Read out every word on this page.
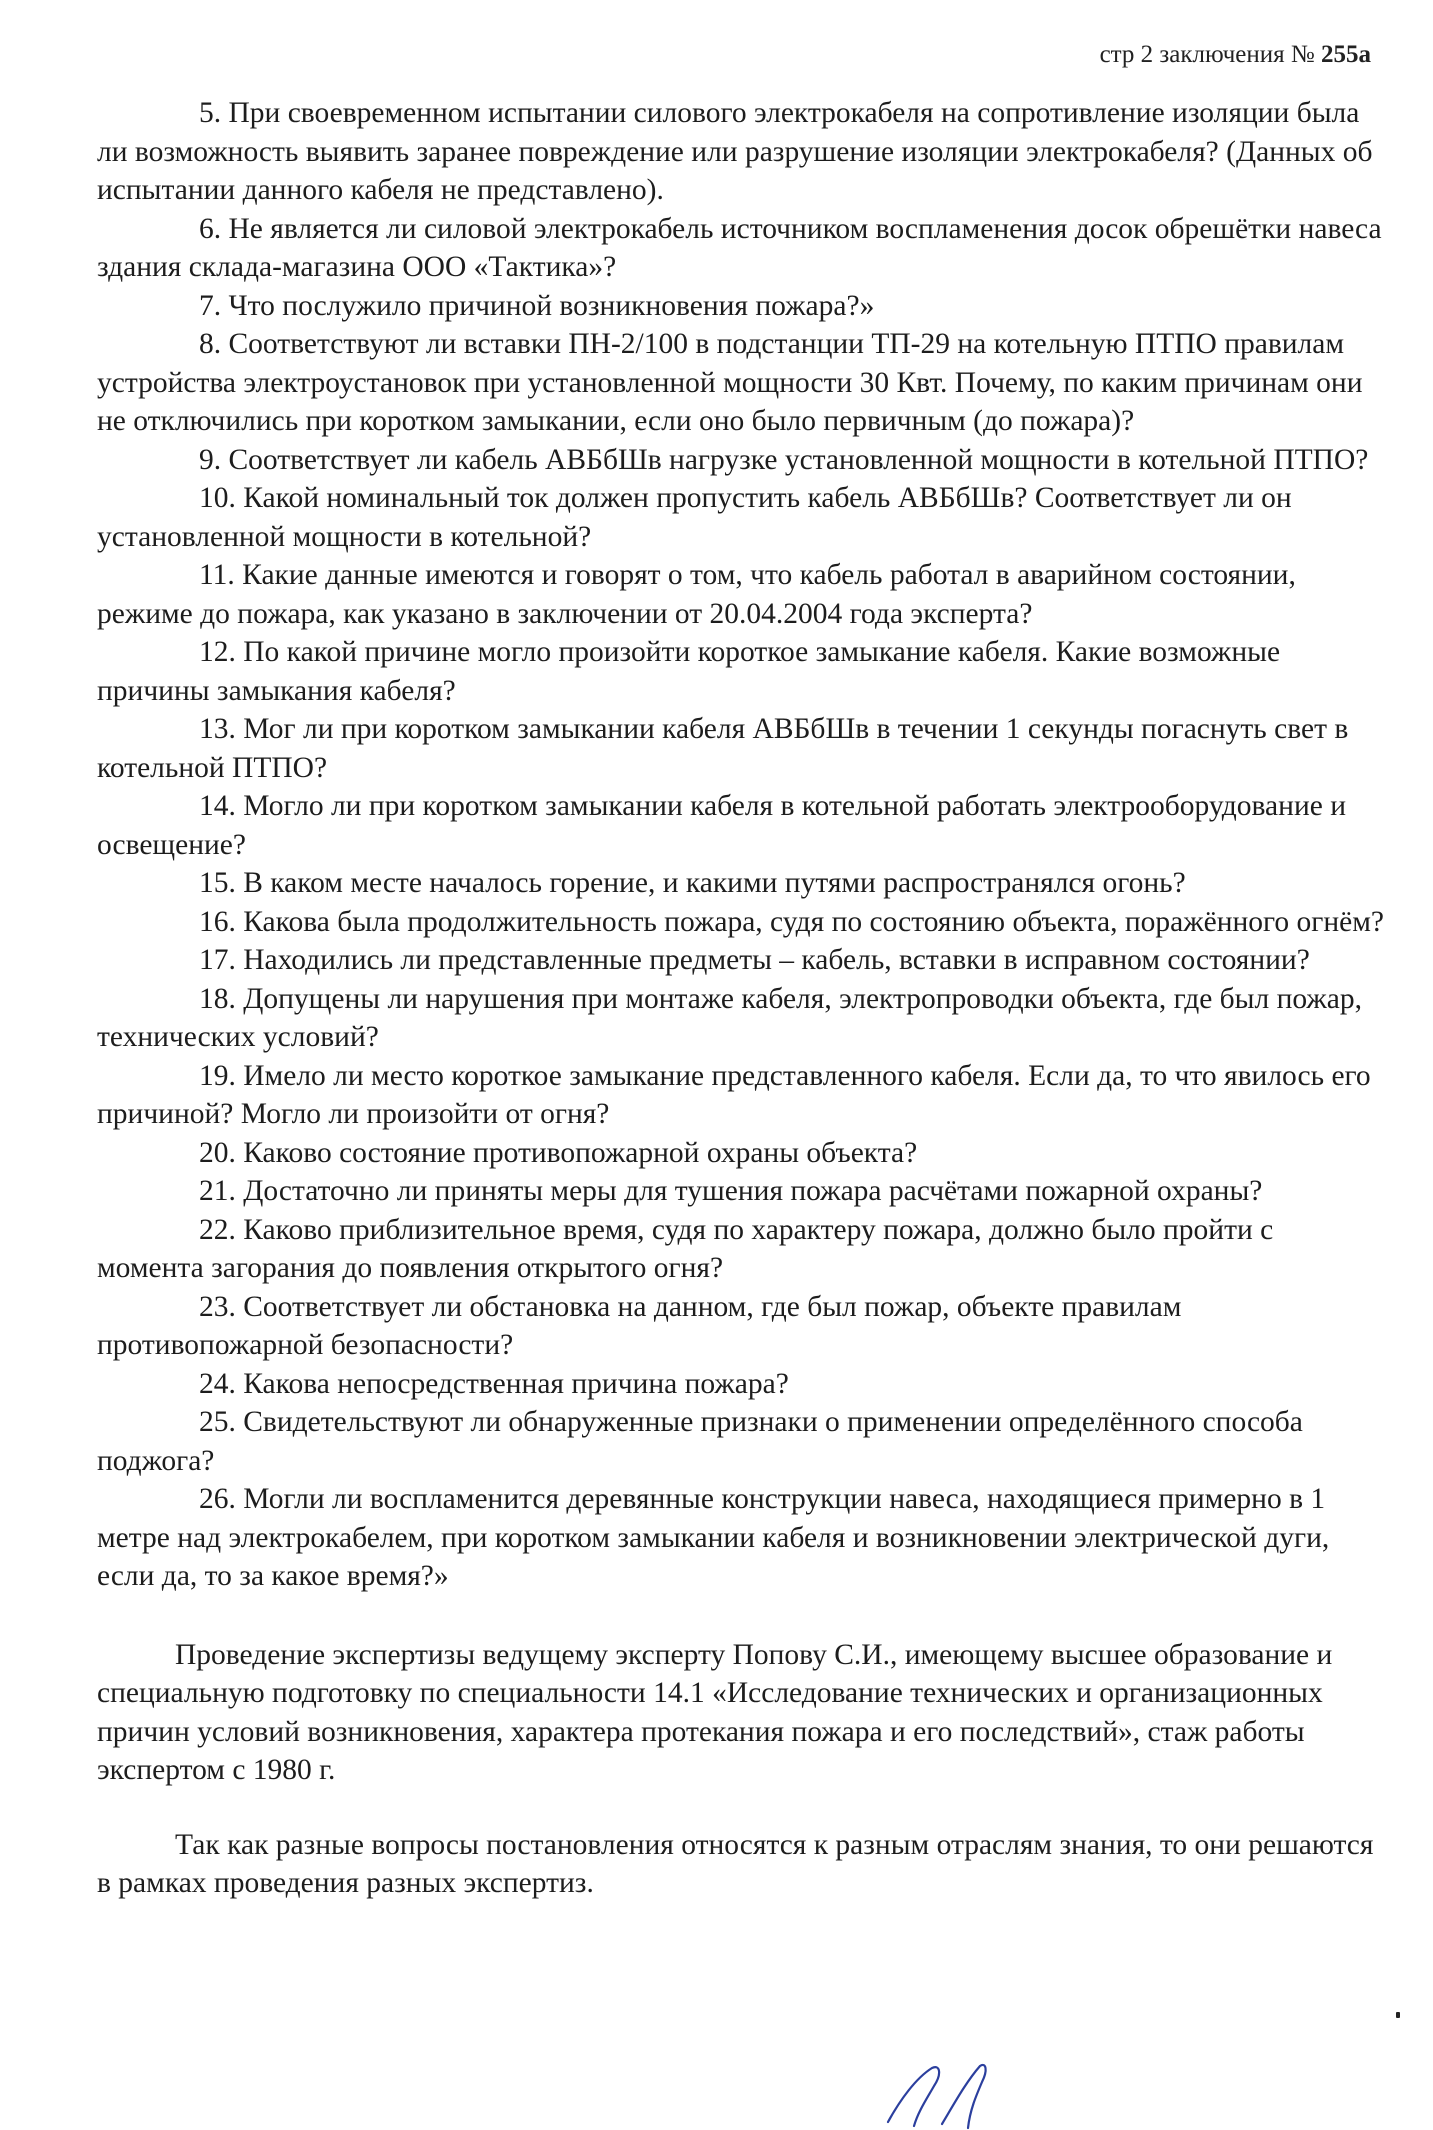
стр 2 заключения № 255а

5. При своевременном испытании силового электрокабеля на сопротивление изоляции была ли возможность выявить заранее повреждение или разрушение изоляции электрокабеля? (Данных об испытании данного кабеля не представлено).

6. Не является ли силовой электрокабель источником воспламенения досок обрешётки навеса здания склада-магазина ООО «Тактика»?

7. Что послужило причиной возникновения пожара?»

8. Соответствуют ли вставки ПН-2/100 в подстанции ТП-29 на котельную ПТПО правилам устройства электроустановок при установленной мощности 30 Квт. Почему, по каким причинам они не отключились при коротком замыкании, если оно было первичным (до пожара)?

9. Соответствует ли кабель АВБбШв нагрузке установленной мощности в котельной ПТПО?

10. Какой номинальный ток должен пропустить кабель АВБбШв? Соответствует ли он установленной мощности в котельной?

11. Какие данные имеются и говорят о том, что кабель работал в аварийном состоянии, режиме до пожара, как указано в заключении от 20.04.2004 года эксперта?

12. По какой причине могло произойти короткое замыкание кабеля. Какие возможные причины замыкания кабеля?

13. Мог ли при коротком замыкании кабеля АВБбШв в течении 1 секунды погаснуть свет в котельной ПТПО?

14. Могло ли при коротком замыкании кабеля в котельной работать электрооборудование и освещение?

15. В каком месте началось горение, и какими путями распространялся огонь?

16. Какова была продолжительность пожара, судя по состоянию объекта, поражённого огнём?

17. Находились ли представленные предметы – кабель, вставки в исправном состоянии?

18. Допущены ли нарушения при монтаже кабеля, электропроводки объекта, где был пожар, технических условий?

19. Имело ли место короткое замыкание представленного кабеля. Если да, то что явилось его причиной? Могло ли произойти от огня?

20. Каково состояние противопожарной охраны объекта?

21. Достаточно ли приняты меры для тушения пожара расчётами пожарной охраны?

22. Каково приблизительное время, судя по характеру пожара, должно было пройти с момента загорания до появления открытого огня?

23. Соответствует ли обстановка на данном, где был пожар, объекте правилам противопожарной безопасности?

24. Какова непосредственная причина пожара?

25. Свидетельствуют ли обнаруженные признаки о применении определённого способа поджога?

26. Могли ли воспламенится деревянные конструкции навеса, находящиеся примерно в 1 метре над электрокабелем, при коротком замыкании кабеля и возникновении электрической дуги, если да, то за какое время?»

Проведение экспертизы ведущему эксперту Попову С.И., имеющему высшее образование и специальную подготовку по специальности 14.1 «Исследование технических и организационных причин условий возникновения, характера протекания пожара и его последствий», стаж работы экспертом с 1980 г.

Так как разные вопросы постановления относятся к разным отраслям знания, то они решаются в рамках проведения разных экспертиз.
